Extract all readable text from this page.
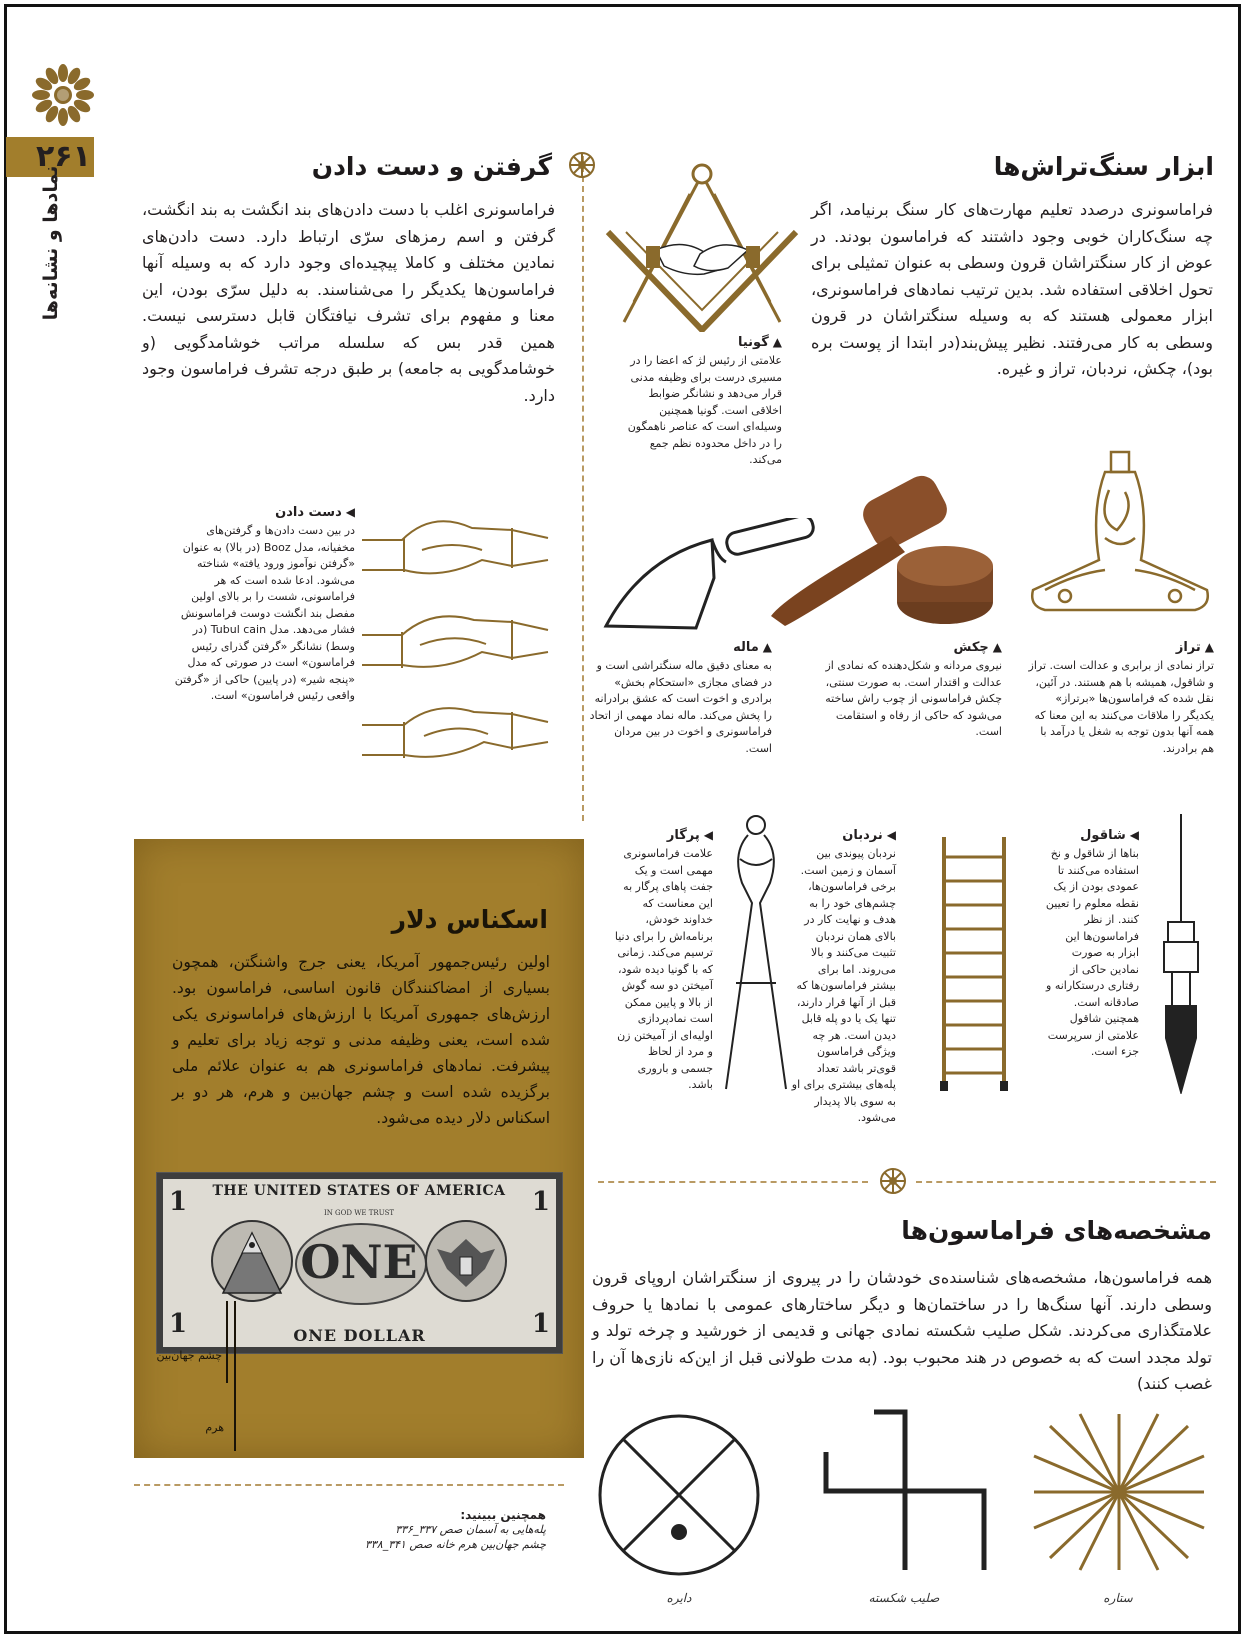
۲۶۱
نمادها و نشانه‌ها	ابزار سنگ‌تراش‌ها
فراماسونری درصدد تعلیم مهارت‌های کار سنگ برنیامد، اگر چه سنگ‌کاران خوبی وجود داشتند که فراماسون بودند. در عوض از کار سنگتراشان قرون وسطی به عنوان تمثیلی برای تحول اخلاقی استفاده شد. بدین ترتیب نمادهای فراماسونری، ابزار معمولی هستند که به وسیله سنگتراشان در قرون وسطی به کار می‌رفتند. نظیر پیش‌بند(در ابتدا از پوست بره بود)، چکش، نردبان، تراز و غیره.
گرفتن و دست دادن
فراماسونری اغلب با دست دادن‌های بند انگشت به بند انگشت، گرفتن و اسم رمزهای سرّی ارتباط دارد. دست دادن‌های نمادین مختلف و کاملا پیچیده‌ای وجود دارد که به وسیله آنها فراماسون‌ها یکدیگر را می‌شناسند. به دلیل سرّی بودن، این معنا و مفهوم برای تشرف نیافتگان قابل دسترسی نیست. همین قدر بس که سلسله مراتب خوشامدگویی (و خوشامدگویی به جامعه) بر طبق درجه تشرف فراماسون وجود دارد.
▲گونیا
علامتی از رئیس لژ که اعضا را در مسیری درست برای وظیفه مدنی قرار می‌دهد و نشانگر ضوابط اخلاقی است. گونیا همچنین وسیله‌ای است که عناصر ناهمگون را در داخل محدوده نظم جمع می‌کند.
◀دست دادن
در بین دست دادن‌ها و گرفتن‌های مخفیانه، مدل Booz (در بالا) به عنوان «گرفتن نوآموز ورود یافته» شناخته می‌شود. ادعا شده است که هر فراماسونی، شست را بر بالای اولین مفصل بند انگشت دوست فراماسونش فشار می‌دهد. مدل Tubul cain (در وسط) نشانگر «گرفتن گذرای رئیس فراماسون» است در صورتی که مدل «پنجه شیر» (در پایین) حاکی از «گرفتن واقعی رئیس فراماسون» است.
▲ماله
به معنای دقیق ماله سنگتراشی است و در فضای مجازی «استحکام بخش» برادری و اخوت است که عشق برادرانه را پخش می‌کند. ماله نماد مهمی از اتحاد فراماسونری و اخوت در بین مردان است.
▲چکش
نیروی مردانه و شکل‌دهنده که نمادی از عدالت و اقتدار است. به صورت سنتی، چکش فراماسونی از چوب راش ساخته می‌شود که حاکی از رفاه و استقامت است.
▲تراز
تراز نمادی از برابری و عدالت است. تراز و شاقول، همیشه با هم هستند. در آئین، نقل شده که فراماسون‌ها «برتراز» یکدیگر را ملاقات می‌کنند به این معنا که همه آنها بدون توجه به شغل یا درآمد با هم برادرند.
◀پرگار
علامت فراماسونری مهمی است و یک جفت پاهای پرگار به این معناست که خداوند خودش، برنامه‌اش را برای دنیا ترسیم می‌کند. زمانی که با گونیا دیده شود، آمیختن دو سه گوش از بالا و پایین ممکن است نمادپردازی اولیه‌ای از آمیختن زن و مرد از لحاظ جسمی و باروری باشد.
◀نردبان
نردبان پیوندی بین آسمان و زمین است. برخی فراماسون‌ها، چشم‌های خود را به هدف و نهایت کار در بالای همان نردبان تثبیت می‌کنند و بالا می‌روند. اما برای بیشتر فراماسون‌ها که قبل از آنها قرار دارند، تنها یک یا دو پله قابل دیدن است. هر چه ویژگی فراماسون قوی‌تر باشد تعداد پله‌های بیشتری برای او به سوی بالا پدیدار می‌شود.
◀شاقول
بناها از شاقول و نخ استفاده می‌کنند تا عمودی بودن از یک نقطه معلوم را تعیین کنند. از نظر فراماسون‌ها این ابزار به صورت نمادین حاکی از رفتاری درستکارانه و صادقانه است. همچنین شاقول علامتی از سرپرست جزء است.
اسکناس دلار
اولین رئیس‌جمهور آمریکا، یعنی جرج واشنگتن، همچون بسیاری از امضاکنندگان قانون اساسی، فراماسون بود. ارزش‌های جمهوری آمریکا با ارزش‌های فراماسونری یکی شده است، یعنی وظیفه مدنی و توجه زیاد برای تعلیم و پیشرفت. نمادهای فراماسونری هم به عنوان علائم ملی برگزیده شده است و چشم جهان‌بین و هرم، هر دو بر اسکناس دلار دیده می‌شود.
THE UNITED STATES OF AMERICA
IN GOD WE TRUST
ONE
1	1
1	1
ONE DOLLAR
چشم جهان‌بین
هرم
همچنین ببینید:
پله‌هایی به آسمان صص ۳۳۷_۳۳۶
چشم جهان‌بین هرم خانه صص ۳۴۱_۳۳۸
مشخصه‌های فراماسون‌ها
همه فراماسون‌ها، مشخصه‌های شناسنده‌ی خودشان را در پیروی از سنگتراشان اروپای قرون وسطی دارند. آنها سنگ‌ها را در ساختمان‌ها و دیگر ساختارهای عمومی با نمادها یا حروف علامتگذاری می‌کردند. شکل صلیب شکسته نمادی جهانی و قدیمی از خورشید و چرخه تولد و تولد مجدد است که به خصوص در هند محبوب بود. (به مدت طولانی قبل از این‌که نازی‌ها آن را غصب کنند)
دایره	صلیب شکسته	ستاره
